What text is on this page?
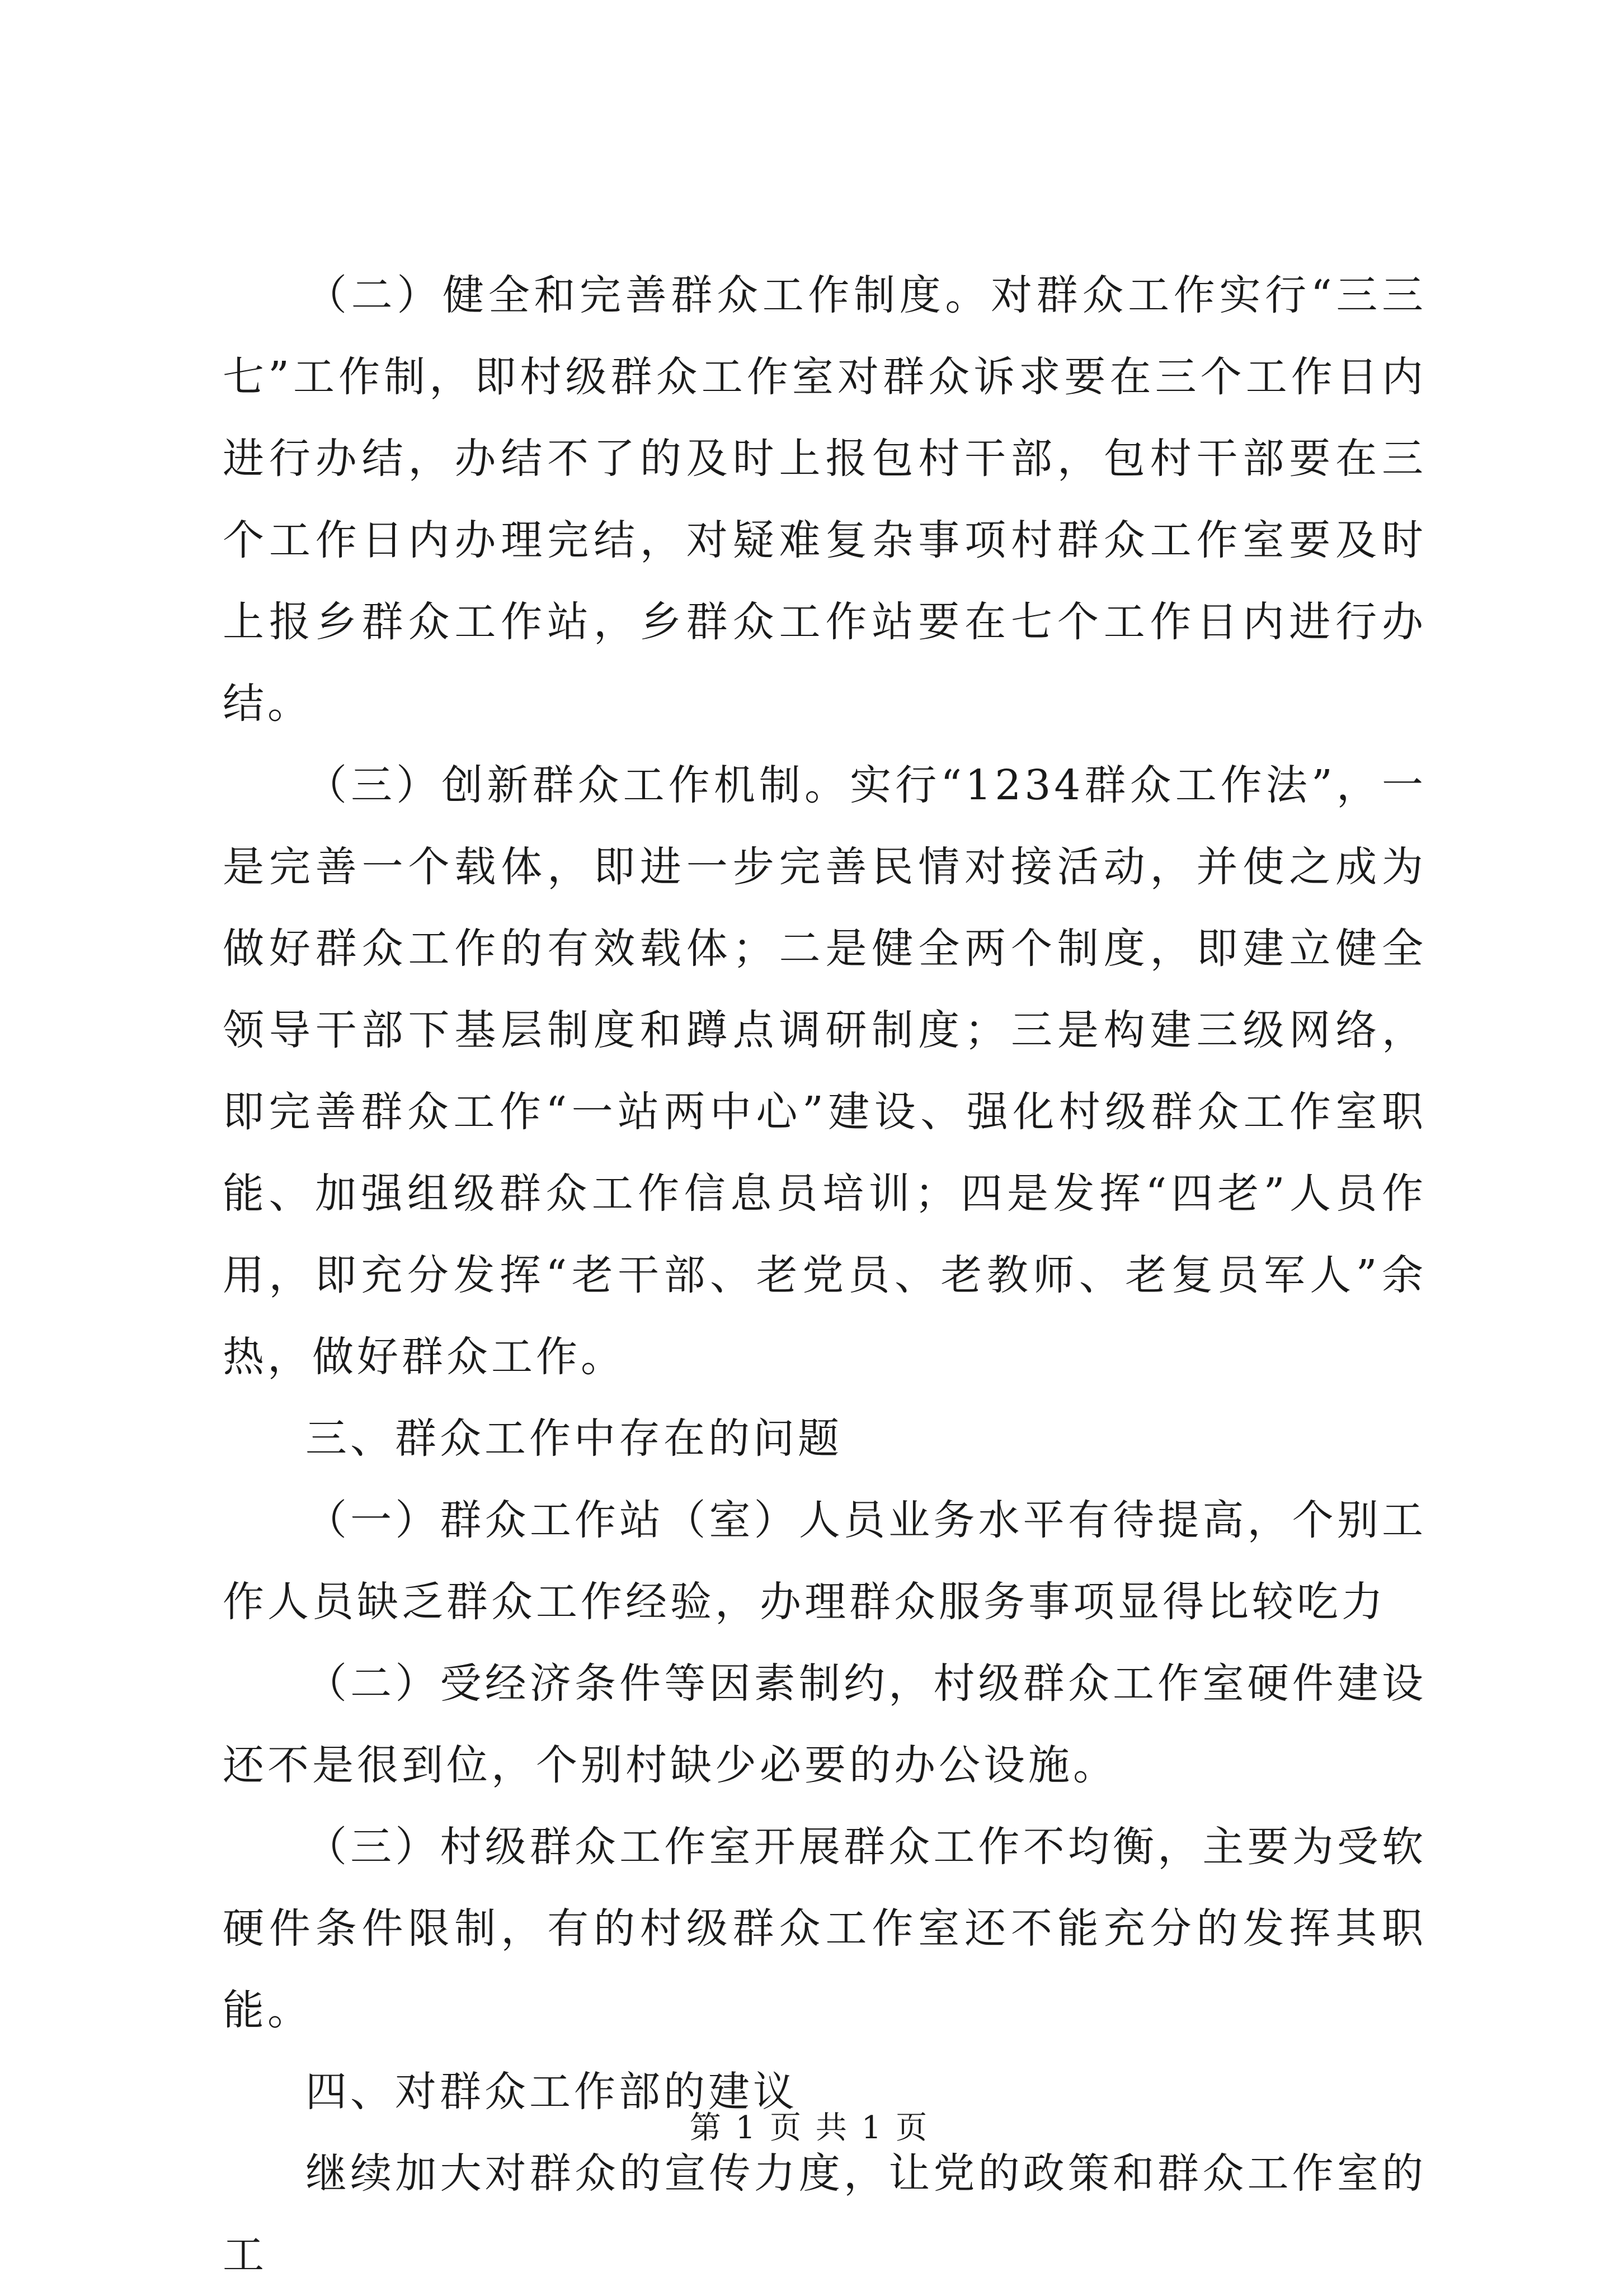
（二）健全和完善群众工作制度。对群众工作实行“三三七”工作制，即村级群众工作室对群众诉求要在三个工作日内进行办结，办结不了的及时上报包村干部，包村干部要在三个工作日内办理完结，对疑难复杂事项村群众工作室要及时上报乡群众工作站，乡群众工作站要在七个工作日内进行办结。

（三）创新群众工作机制。实行“1234群众工作法”，一是完善一个载体，即进一步完善民情对接活动，并使之成为做好群众工作的有效载体；二是健全两个制度，即建立健全领导干部下基层制度和蹲点调研制度；三是构建三级网络，即完善群众工作“一站两中心”建设、强化村级群众工作室职能、加强组级群众工作信息员培训；四是发挥“四老”人员作用，即充分发挥“老干部、老党员、老教师、老复员军人”余热，做好群众工作。

三、群众工作中存在的问题

（一）群众工作站（室）人员业务水平有待提高，个别工作人员缺乏群众工作经验，办理群众服务事项显得比较吃力

（二）受经济条件等因素制约，村级群众工作室硬件建设还不是很到位，个别村缺少必要的办公设施。

（三）村级群众工作室开展群众工作不均衡，主要为受软硬件条件限制，有的村级群众工作室还不能充分的发挥其职能。

四、对群众工作部的建议

继续加大对群众的宣传力度，让党的政策和群众工作室的工

第 1 页 共 1 页
